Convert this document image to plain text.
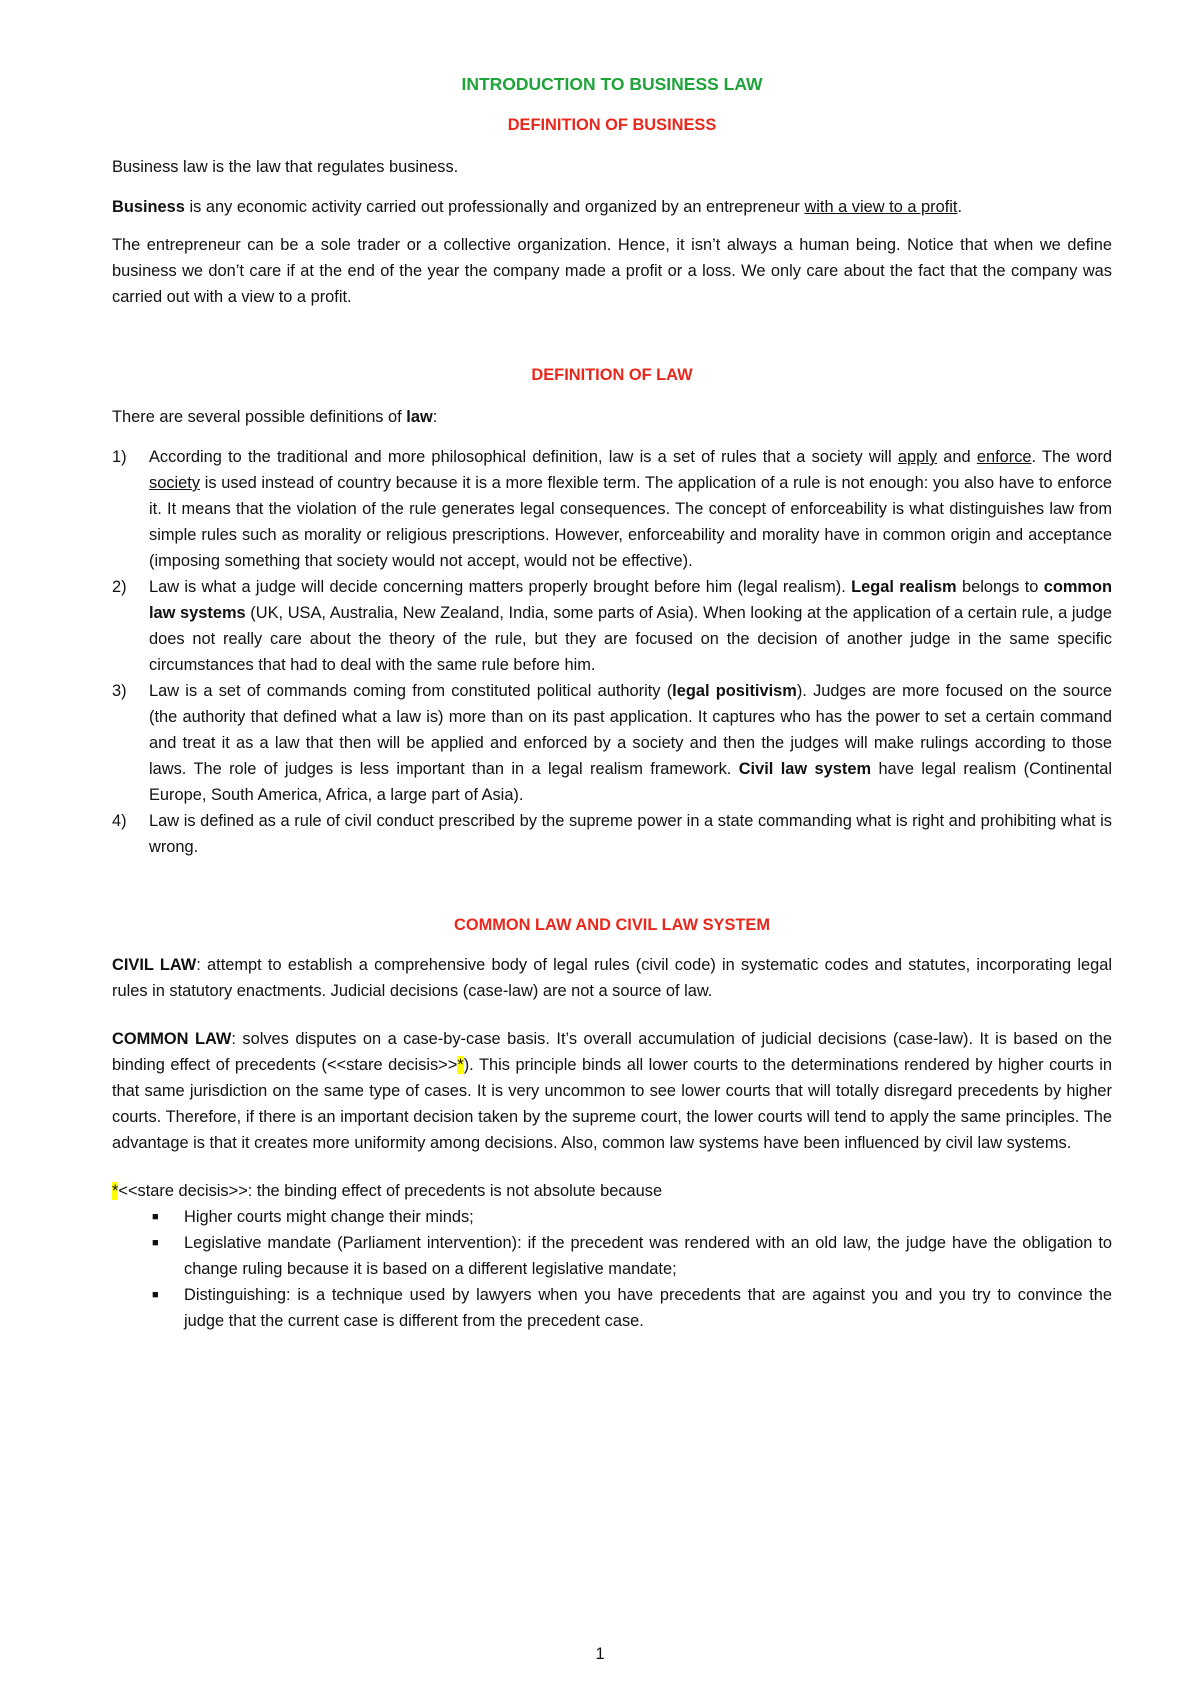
INTRODUCTION TO BUSINESS LAW
DEFINITION OF BUSINESS

Business law is the law that regulates business.

Business is any economic activity carried out professionally and organized by an entrepreneur with a view to a profit.

The entrepreneur can be a sole trader or a collective organization. Hence, it isn’t always a human being. Notice that when we define business we don’t care if at the end of the year the company made a profit or a loss. We only care about the fact that the company was carried out with a view to a profit.

DEFINITION OF LAW

There are several possible definitions of law:

1) According to the traditional and more philosophical definition, law is a set of rules that a society will apply and enforce. The word society is used instead of country because it is a more flexible term. The application of a rule is not enough: you also have to enforce it. It means that the violation of the rule generates legal consequences. The concept of enforceability is what distinguishes law from simple rules such as morality or religious prescriptions. However, enforceability and morality have in common origin and acceptance (imposing something that society would not accept, would not be effective).
2) Law is what a judge will decide concerning matters properly brought before him (legal realism). Legal realism belongs to common law systems (UK, USA, Australia, New Zealand, India, some parts of Asia). When looking at the application of a certain rule, a judge does not really care about the theory of the rule, but they are focused on the decision of another judge in the same specific circumstances that had to deal with the same rule before him.
3) Law is a set of commands coming from constituted political authority (legal positivism). Judges are more focused on the source (the authority that defined what a law is) more than on its past application. It captures who has the power to set a certain command and treat it as a law that then will be applied and enforced by a society and then the judges will make rulings according to those laws. The role of judges is less important than in a legal realism framework. Civil law system have legal realism (Continental Europe, South America, Africa, a large part of Asia).
4) Law is defined as a rule of civil conduct prescribed by the supreme power in a state commanding what is right and prohibiting what is wrong.
COMMON LAW AND CIVIL LAW SYSTEM

CIVIL LAW: attempt to establish a comprehensive body of legal rules (civil code) in systematic codes and statutes, incorporating legal rules in statutory enactments. Judicial decisions (case-law) are not a source of law.

COMMON LAW: solves disputes on a case-by-case basis. It’s overall accumulation of judicial decisions (case-law). It is based on the binding effect of precedents (<<stare decisis>>*). This principle binds all lower courts to the determinations rendered by higher courts in that same jurisdiction on the same type of cases. It is very uncommon to see lower courts that will totally disregard precedents by higher courts. Therefore, if there is an important decision taken by the supreme court, the lower courts will tend to apply the same principles. The advantage is that it creates more uniformity among decisions. Also, common law systems have been influenced by civil law systems.

*<<stare decisis>>: the binding effect of precedents is not absolute because

■ Higher courts might change their minds;
■ Legislative mandate (Parliament intervention): if the precedent was rendered with an old law, the judge have the obligation to change ruling because it is based on a different legislative mandate;
■ Distinguishing: is a technique used by lawyers when you have precedents that are against you and you try to convince the judge that the current case is different from the precedent case.
1
